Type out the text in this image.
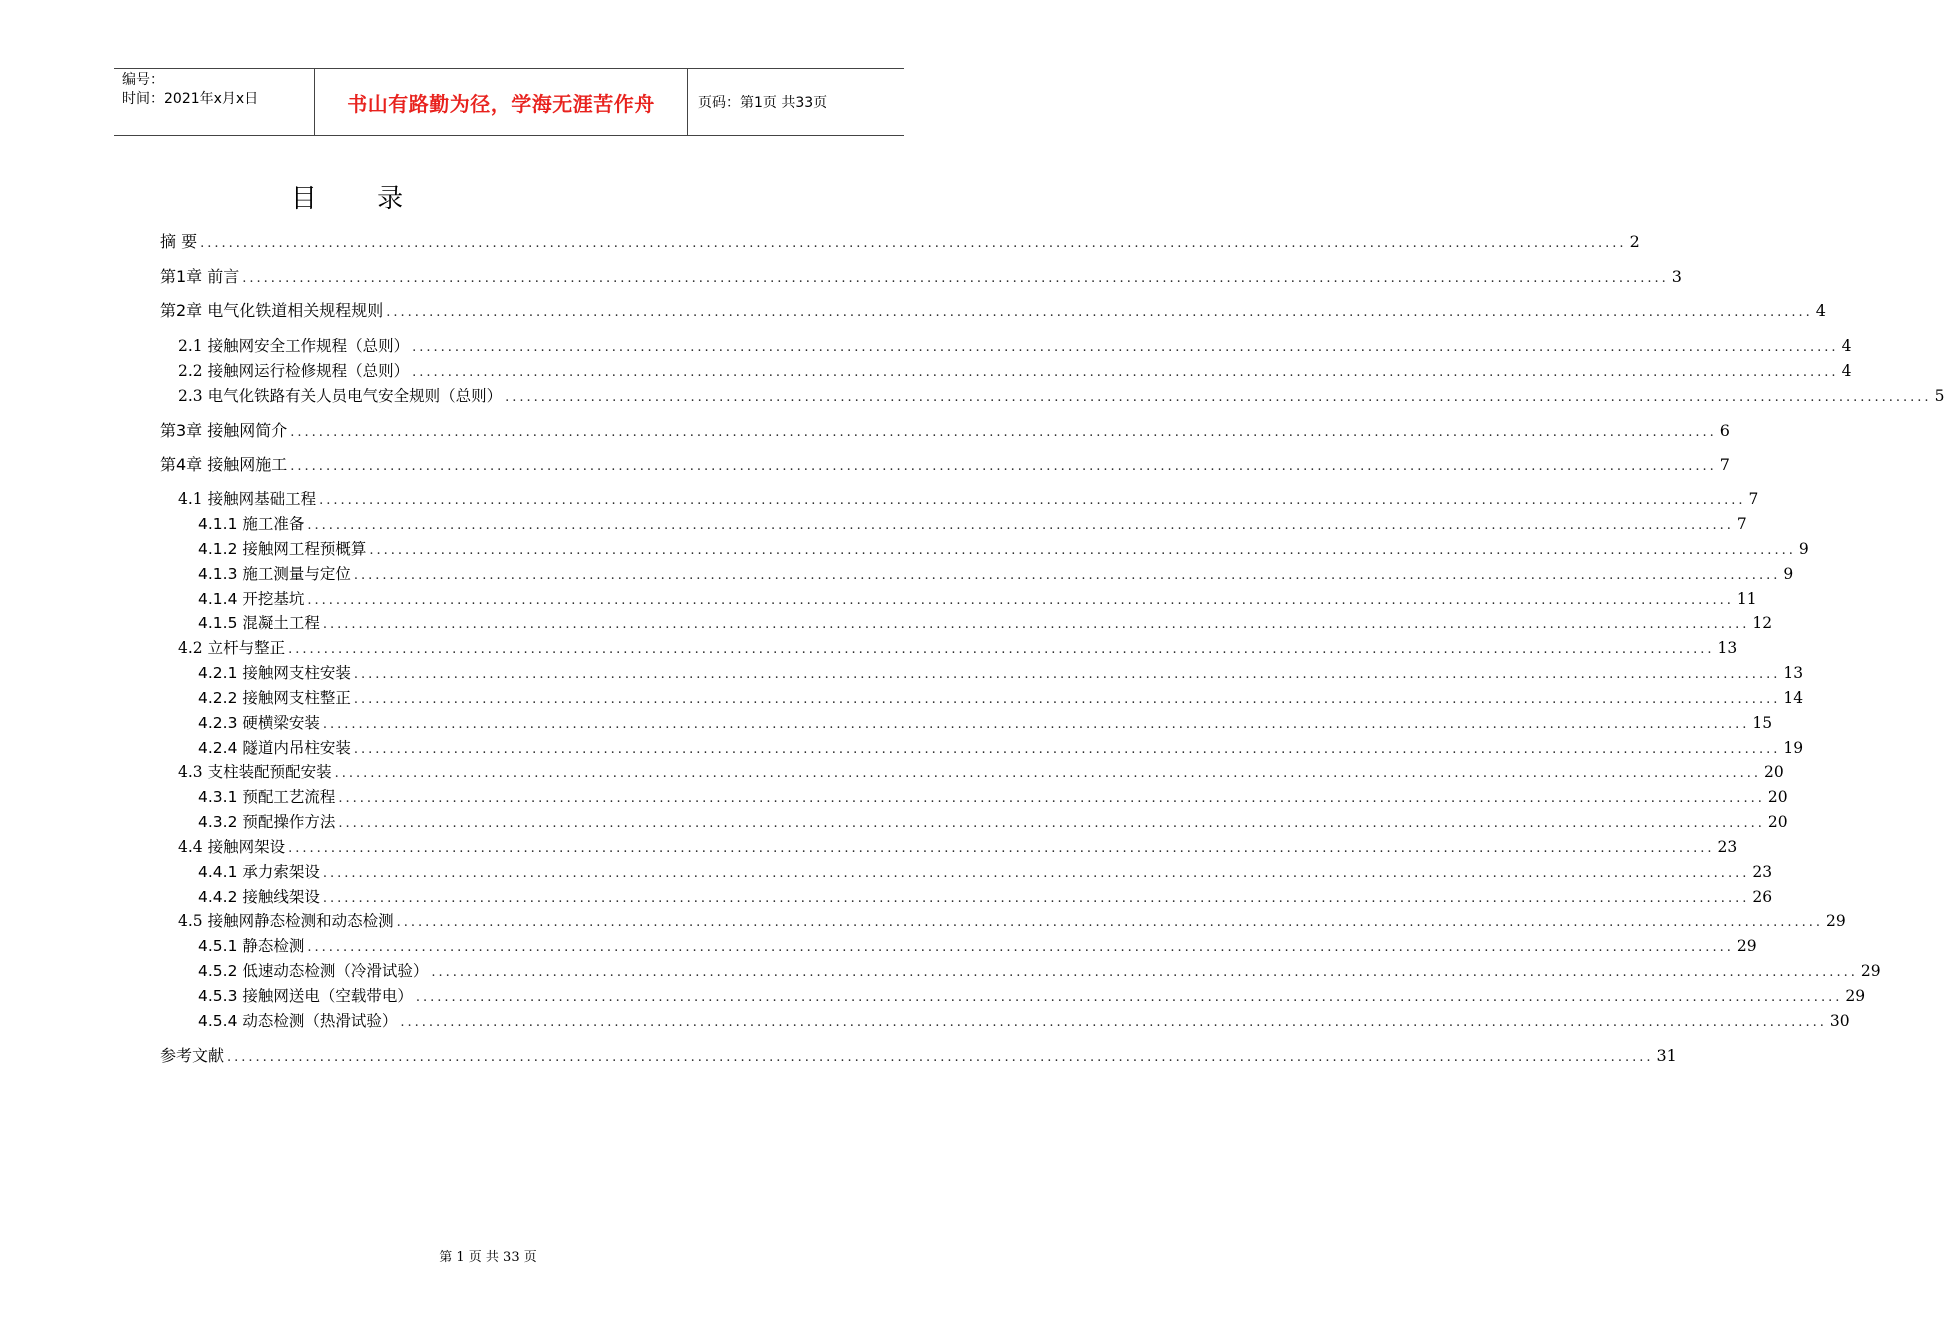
编号：
时间：2021年x月x日	书山有路勤为径，学海无涯苦作舟	页码：第1页 共33页
目 录
摘 要 ........................................................................................................................................................................................................ 2
第1章 前言 ........................................................................................................................................................................................................ 3
第2章 电气化铁道相关规程规则 ........................................................................................................................................................................................................ 4
2.1 接触网安全工作规程（总则） ........................................................................................................................................................................................................ 4
2.2 接触网运行检修规程（总则） ........................................................................................................................................................................................................ 4
2.3 电气化铁路有关人员电气安全规则（总则） ........................................................................................................................................................................................................ 5
第3章 接触网简介 ........................................................................................................................................................................................................ 6
第4章 接触网施工 ........................................................................................................................................................................................................ 7
4.1 接触网基础工程 ........................................................................................................................................................................................................ 7
4.1.1 施工准备 ........................................................................................................................................................................................................ 7
4.1.2 接触网工程预概算 ........................................................................................................................................................................................................ 9
4.1.3 施工测量与定位 ........................................................................................................................................................................................................ 9
4.1.4 开挖基坑 ........................................................................................................................................................................................................ 11
4.1.5 混凝土工程 ........................................................................................................................................................................................................ 12
4.2 立杆与整正 ........................................................................................................................................................................................................ 13
4.2.1 接触网支柱安装 ........................................................................................................................................................................................................ 13
4.2.2 接触网支柱整正 ........................................................................................................................................................................................................ 14
4.2.3 硬横梁安装 ........................................................................................................................................................................................................ 15
4.2.4 隧道内吊柱安装 ........................................................................................................................................................................................................ 19
4.3 支柱装配预配安装 ........................................................................................................................................................................................................ 20
4.3.1 预配工艺流程 ........................................................................................................................................................................................................ 20
4.3.2 预配操作方法 ........................................................................................................................................................................................................ 20
4.4 接触网架设 ........................................................................................................................................................................................................ 23
4.4.1 承力索架设 ........................................................................................................................................................................................................ 23
4.4.2 接触线架设 ........................................................................................................................................................................................................ 26
4.5 接触网静态检测和动态检测 ........................................................................................................................................................................................................ 29
4.5.1 静态检测 ........................................................................................................................................................................................................ 29
4.5.2 低速动态检测（冷滑试验） ........................................................................................................................................................................................................ 29
4.5.3 接触网送电（空载带电） ........................................................................................................................................................................................................ 29
4.5.4 动态检测（热滑试验） ........................................................................................................................................................................................................ 30
参考文献 ........................................................................................................................................................................................................ 31
第 1 页 共 33 页
